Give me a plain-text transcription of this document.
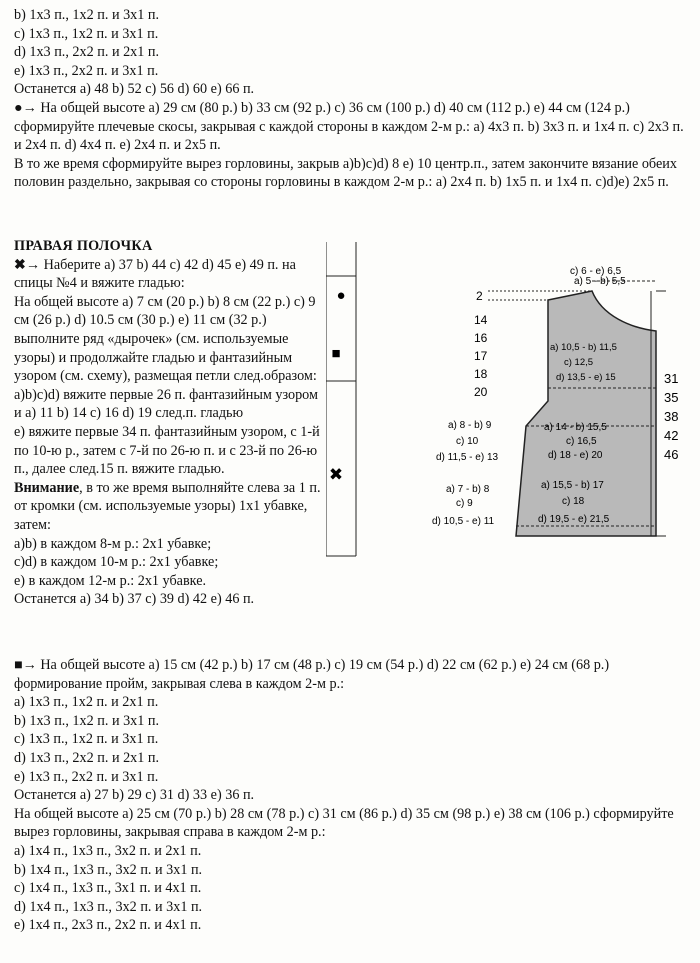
b) 1x3 п., 1x2 п. и 3x1 п.

c) 1x3 п., 1x2 п. и 3x1 п.

d) 1x3 п., 2x2 п. и 2x1 п.

e) 1x3 п., 2x2 п. и 3x1 п.

Останется a) 48 b) 52 c) 56 d) 60 e) 66 п.

●→ На общей высоте a) 29 см (80 р.) b) 33 см (92 р.) c) 36 см (100 р.) d) 40 см (112 р.) e) 44 см (124 р.) сформируйте плечевые скосы, закрывая с каждой стороны в каждом 2-м р.: a) 4x3 п. b) 3x3 п. и 1x4 п. c) 2x3 п. и 2x4 п. d) 4x4 п. e) 2x4 п. и 2x5 п.

В то же время сформируйте вырез горловины, закрыв a)b)c)d) 8 e) 10 центр.п., затем закончите вязание обеих половин раздельно, закрывая со стороны горловины в каждом 2-м р.: a) 2x4 п. b) 1x5 п. и 1x4 п. c)d)e) 2x5 п.

ПРАВАЯ ПОЛОЧКА

✖→ Наберите a) 37 b) 44 c) 42 d) 45 e) 49 п. на спицы №4 и вяжите гладью:

На общей высоте a) 7 см (20 р.) b) 8 см (22 р.) c) 9 см (26 р.) d) 10.5 см (30 р.) e) 11 см (32 р.) выполните ряд «дырочек» (см. используемые узоры) и продолжайте гладью и фантазийным узором (см. схему), размещая петли след.образом:

a)b)c)d) вяжите первые 26 п. фантазийным узором и a) 11 b) 14 c) 16 d) 19 след.п. гладью

e) вяжите первые 34 п. фантазийным узором, с 1-й по 10-ю р., затем с 7-й по 26-ю п. и с 23-й по 26-ю п., далее след.15 п. вяжите гладью.

Внимание, в то же время выполняйте слева за 1 п. от кромки (см. используемые узоры) 1x1 убавке, затем:

a)b) в каждом 8-м р.: 2x1 убавке;

c)d) в каждом 10-м р.: 2x1 убавке;

e) в каждом 12-м р.: 2x1 убавке.

Останется a) 34 b) 37 c) 39 d) 42 e) 46 п.

●
■
✖
a) 5 - b) 5,5
c) 6 - e) 6,5
2
14
16
17
18
20
31
35
38
42
46
a) 10,5 - b) 11,5
c) 12,5
d) 13,5 - e) 15
a) 14 - b) 15,5
c) 16,5
d) 18 - e) 20
a) 8 - b) 9
c) 10
d) 11,5 - e) 13
a) 15,5 - b) 17
c) 18
d) 19,5 - e) 21,5
a) 7 - b) 8
c) 9
d) 10,5 - e) 11

■→ На общей высоте a) 15 см (42 р.) b) 17 см (48 р.) c) 19 см (54 р.) d) 22 см (62 р.) e) 24 см (68 р.) формирование пройм, закрывая слева в каждом 2-м р.:

a) 1x3 п., 1x2 п. и 2x1 п.

b) 1x3 п., 1x2 п. и 3x1 п.

c) 1x3 п., 1x2 п. и 3x1 п.

d) 1x3 п., 2x2 п. и 2x1 п.

e) 1x3 п., 2x2 п. и 3x1 п.

Останется a) 27 b) 29 c) 31 d) 33 e) 36 п.

На общей высоте a) 25 см (70 р.) b) 28 см (78 р.) c) 31 см (86 р.) d) 35 см (98 р.) e) 38 см (106 р.) сформируйте вырез горловины, закрывая справа в каждом 2-м р.:

a) 1x4 п., 1x3 п., 3x2 п. и 2x1 п.

b) 1x4 п., 1x3 п., 3x2 п. и 3x1 п.

c) 1x4 п., 1x3 п., 3x1 п. и 4x1 п.

d) 1x4 п., 1x3 п., 3x2 п. и 3x1 п.

e) 1x4 п., 2x3 п., 2x2 п. и 4x1 п.
